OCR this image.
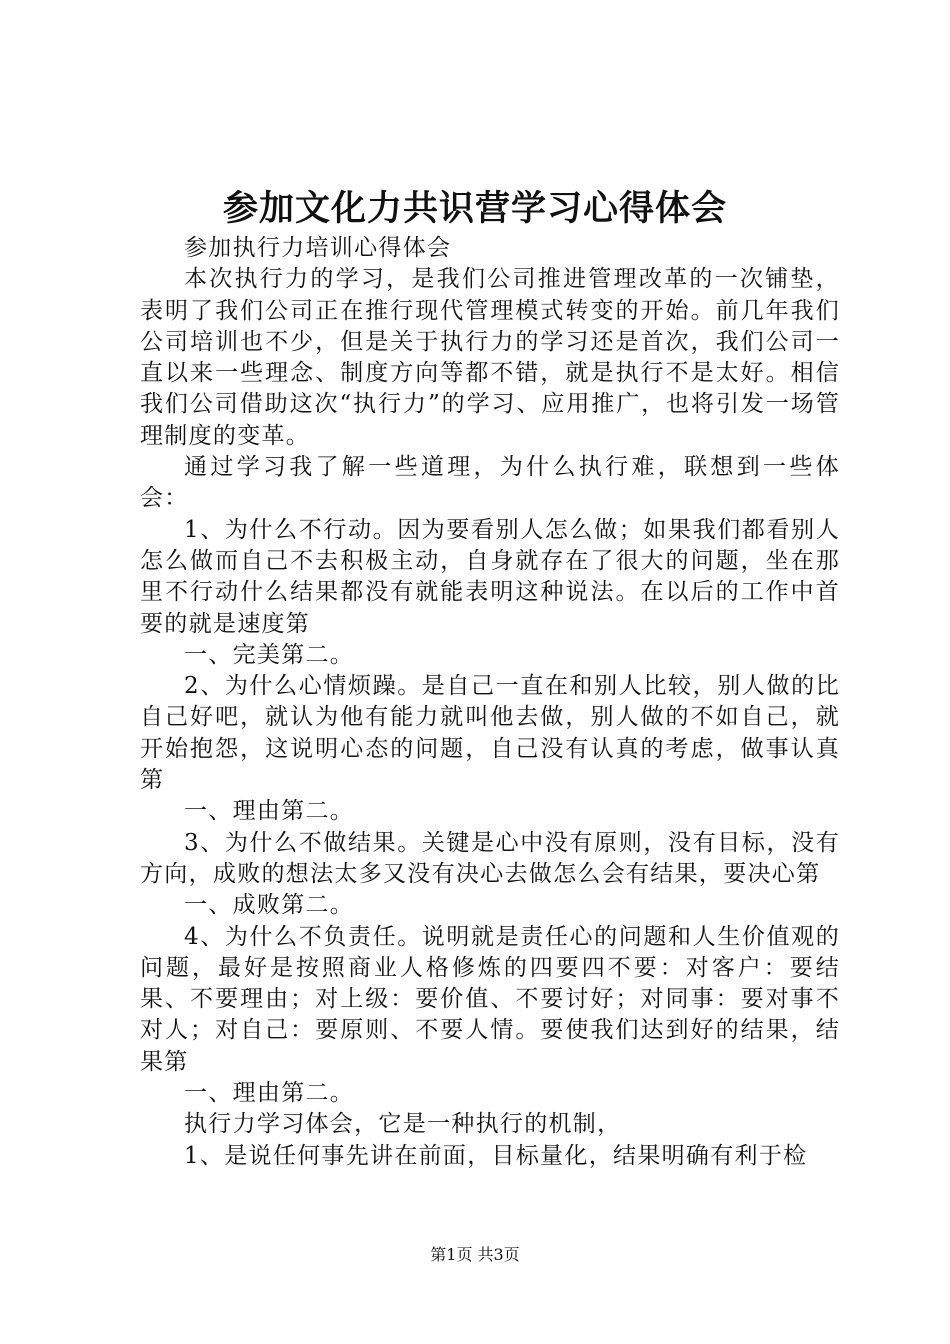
参加文化力共识营学习心得体会

参加执行力培训心得体会

本次执行力的学习，是我们公司推进管理改革的一次铺垫，表明了我们公司正在推行现代管理模式转变的开始。前几年我们公司培训也不少，但是关于执行力的学习还是首次，我们公司一直以来一些理念、制度方向等都不错，就是执行不是太好。相信我们公司借助这次“执行力”的学习、应用推广，也将引发一场管理制度的变革。

通过学习我了解一些道理，为什么执行难，联想到一些体会：

1、为什么不行动。因为要看别人怎么做；如果我们都看别人怎么做而自己不去积极主动，自身就存在了很大的问题，坐在那里不行动什么结果都没有就能表明这种说法。在以后的工作中首要的就是速度第

一、完美第二。

2、为什么心情烦躁。是自己一直在和别人比较，别人做的比自己好吧，就认为他有能力就叫他去做，别人做的不如自己，就开始抱怨，这说明心态的问题，自己没有认真的考虑，做事认真第

一、理由第二。

3、为什么不做结果。关键是心中没有原则，没有目标，没有方向，成败的想法太多又没有决心去做怎么会有结果，要决心第

一、成败第二。

4、为什么不负责任。说明就是责任心的问题和人生价值观的问题，最好是按照商业人格修炼的四要四不要：对客户：要结果、不要理由；对上级：要价值、不要讨好；对同事：要对事不对人；对自己：要原则、不要人情。要使我们达到好的结果，结果第

一、理由第二。

执行力学习体会，它是一种执行的机制，

1、是说任何事先讲在前面，目标量化，结果明确有利于检

第1页 共3页
